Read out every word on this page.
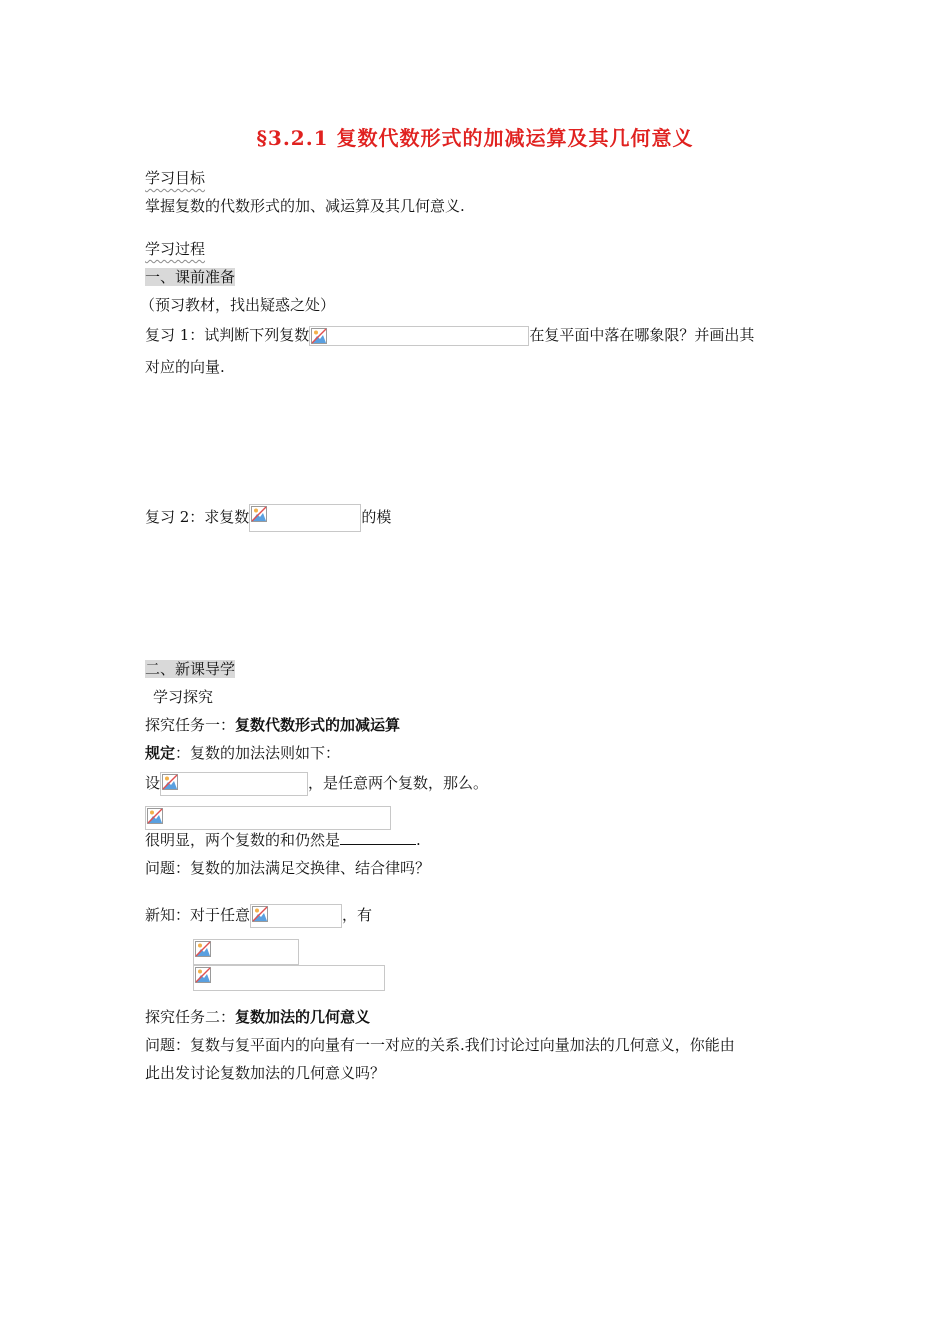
§3.2.1 复数代数形式的加减运算及其几何意义
学习目标
掌握复数的代数形式的加、减运算及其几何意义.
学习过程
一、课前准备
（预习教材，找出疑惑之处）
复习 1：试判断下列复数	在复平面中落在哪象限？并画出其
对应的向量.
复习 2：求复数	的模
二、新课导学
学习探究
探究任务一：复数代数形式的加减运算
规定：复数的加法法则如下：
设	，是任意两个复数，那么。
很明显，两个复数的和仍然是	.
问题：复数的加法满足交换律、结合律吗？
新知：对于任意	，有
探究任务二：复数加法的几何意义
问题：复数与复平面内的向量有一一对应的关系.我们讨论过向量加法的几何意义，你能由
此出发讨论复数加法的几何意义吗？
